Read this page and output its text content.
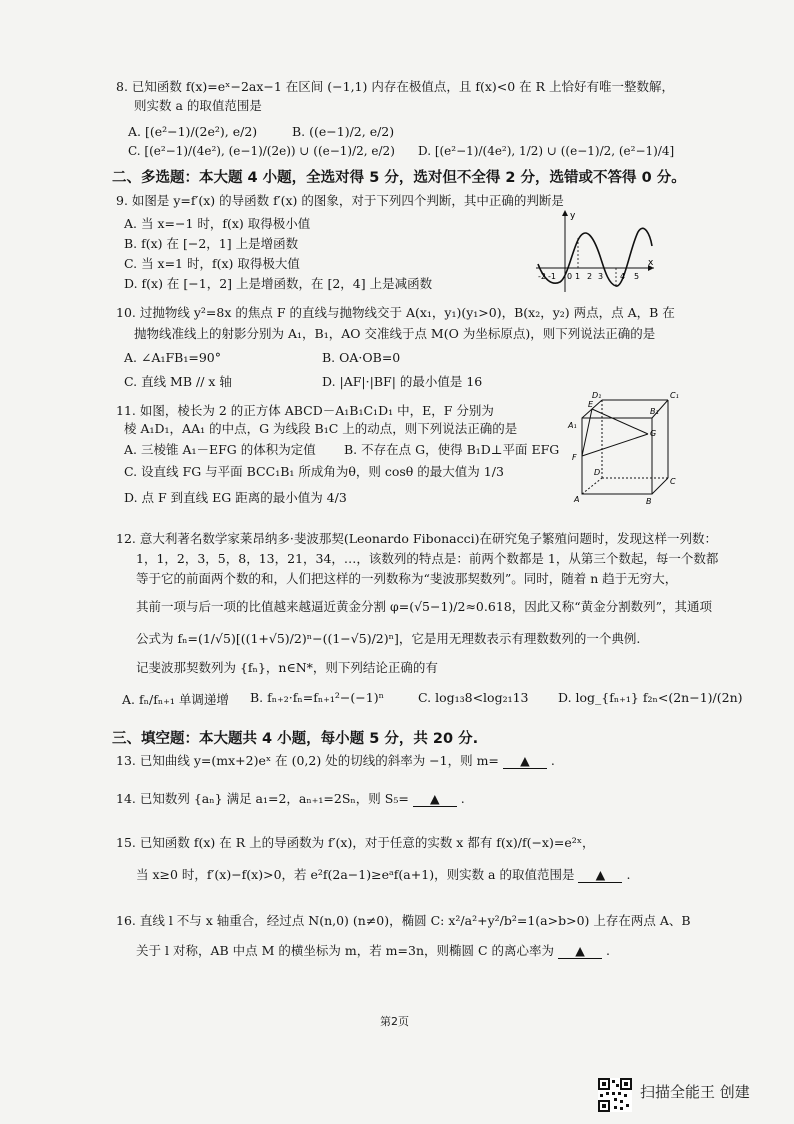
8. 已知函数 f(x)=eˣ−2ax−1 在区间 (−1,1) 内存在极值点，且 f(x)<0 在 R 上恰好有唯一整数解，
则实数 a 的取值范围是
A. [(e²−1)/(2e²), e/2)	B. ((e−1)/2, e/2)
C. [(e²−1)/(4e²), (e−1)/(2e)) ∪ ((e−1)/2, e/2) D. [(e²−1)/(4e²), 1/2) ∪ ((e−1)/2, (e²−1)/4]
二、多选题：本大题 4 小题，全选对得 5 分，选对但不全得 2 分，选错或不答得 0 分。
9. 如图是 y=f′(x) 的导函数 f′(x) 的图象，对于下列四个判断，其中正确的判断是
A. 当 x=−1 时，f(x) 取得极小值
B. f(x) 在 [−2，1] 上是增函数
C. 当 x=1 时，f(x) 取得极大值
D. f(x) 在 [−1，2] 上是增函数，在 [2，4] 上是减函数
y
x
-2 -1 0 1 2 3 4 5
10. 过抛物线 y²=8x 的焦点 F 的直线与抛物线交于 A(x₁，y₁)(y₁>0)，B(x₂，y₂) 两点，点 A，B 在
抛物线准线上的射影分别为 A₁，B₁，AO 交准线于点 M(O 为坐标原点)，则下列说法正确的是
A. ∠A₁FB₁=90°	B. OA·OB=0
C. 直线 MB // x 轴	D. |AF|·|BF| 的最小值是 16
11. 如图，棱长为 2 的正方体 ABCD－A₁B₁C₁D₁ 中，E，F 分别为
棱 A₁D₁，AA₁ 的中点，G 为线段 B₁C 上的动点，则下列说法正确的是
A. 三棱锥 A₁－EFG 的体积为定值 B. 不存在点 G，使得 B₁D⊥平面 EFG
C. 设直线 FG 与平面 BCC₁B₁ 所成角为θ，则 cosθ 的最大值为 1/3
D. 点 F 到直线 EG 距离的最小值为 4/3
D₁	C₁
A₁
B₁
E
G
F
D
C
A	B
12. 意大利著名数学家莱昂纳多·斐波那契(Leonardo Fibonacci)在研究兔子繁殖问题时，发现这样一列数：
1，1，2，3，5，8，13，21，34，…，该数列的特点是：前两个数都是 1，从第三个数起，每一个数都
等于它的前面两个数的和，人们把这样的一列数称为“斐波那契数列”。同时，随着 n 趋于无穷大，
其前一项与后一项的比值越来越逼近黄金分割 φ=(√5−1)/2≈0.618，因此又称“黄金分割数列”，其通项
公式为 fₙ=(1/√5)[((1+√5)/2)ⁿ−((1−√5)/2)ⁿ]，它是用无理数表示有理数数列的一个典例.
记斐波那契数列为 {fₙ}，n∈N*，则下列结论正确的有
A. fₙ/fₙ₊₁ 单调递增 B. fₙ₊₂·fₙ=fₙ₊₁²−(−1)ⁿ	C. log₁₃8<log₂₁13 D. log_{fₙ₊₁} f₂ₙ<(2n−1)/(2n)
三、填空题：本大题共 4 小题，每小题 5 分，共 20 分.
13. 已知曲线 y=(mx+2)eˣ 在 (0,2) 处的切线的斜率为 −1，则 m= ▲ .
14. 已知数列 {aₙ} 满足 a₁=2，aₙ₊₁=2Sₙ，则 S₅= ▲ .
15. 已知函数 f(x) 在 R 上的导函数为 f′(x)，对于任意的实数 x 都有 f(x)/f(−x)=e²ˣ，
当 x≥0 时，f′(x)−f(x)>0，若 e²f(2a−1)≥eᵃf(a+1)，则实数 a 的取值范围是 ▲ .
16. 直线 l 不与 x 轴重合，经过点 N(n,0) (n≠0)，椭圆 C: x²/a²+y²/b²=1(a>b>0) 上存在两点 A、B
关于 l 对称，AB 中点 M 的横坐标为 m，若 m=3n，则椭圆 C 的离心率为 ▲ .
第2页
扫描全能王 创建
